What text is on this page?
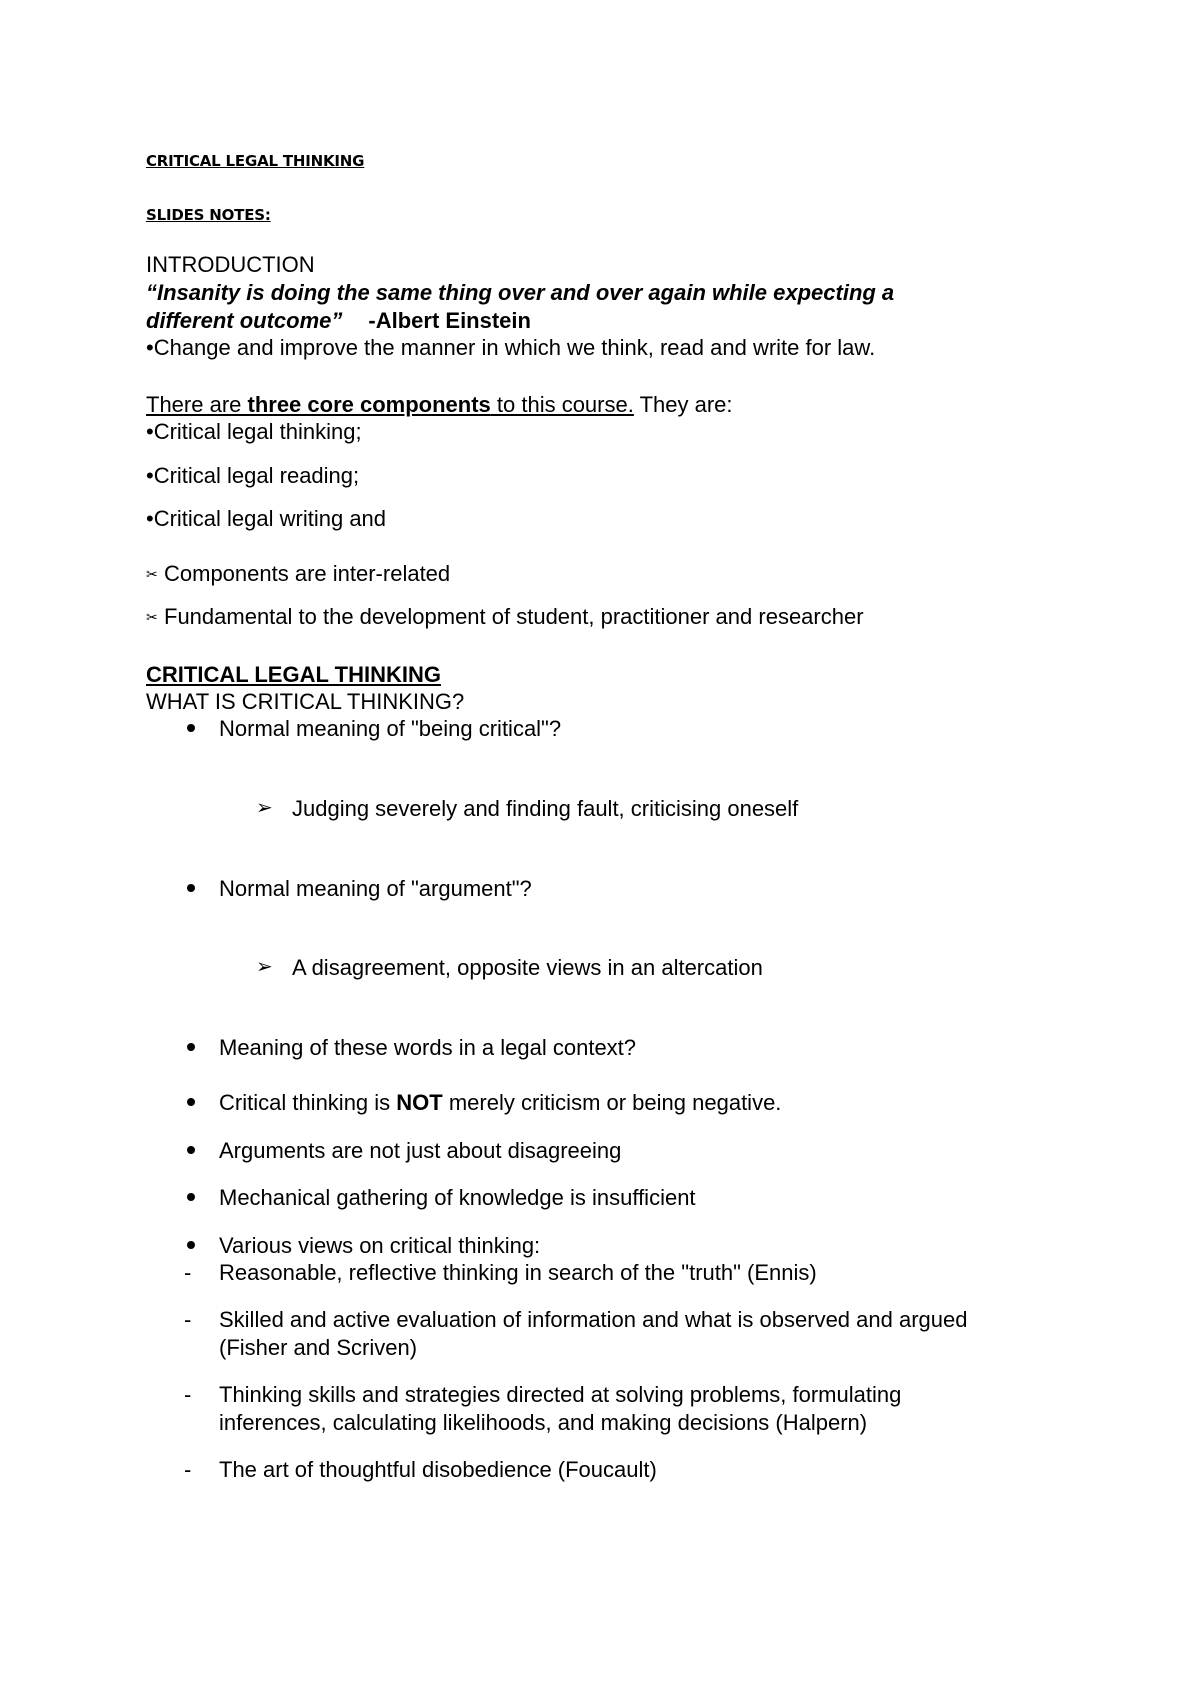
CRITICAL LEGAL THINKING
SLIDES NOTES:
INTRODUCTION
“Insanity is doing the same thing over and over again while expecting a
different outcome” -Albert Einstein
•Change and improve the manner in which we think, read and write for law.
There are three core components to this course. They are:
•Critical legal thinking;
•Critical legal reading;
•Critical legal writing and
✂ Components are inter-related
✂ Fundamental to the development of student, practitioner and researcher
CRITICAL LEGAL THINKING
WHAT IS CRITICAL THINKING?
Normal meaning of "being critical"?
➢ Judging severely and finding fault, criticising oneself
Normal meaning of "argument"?
➢ A disagreement, opposite views in an altercation
Meaning of these words in a legal context?
Critical thinking is NOT merely criticism or being negative.
Arguments are not just about disagreeing
Mechanical gathering of knowledge is insufficient
Various views on critical thinking:
- Reasonable, reflective thinking in search of the "truth" (Ennis)
- Skilled and active evaluation of information and what is observed and argued
(Fisher and Scriven)
- Thinking skills and strategies directed at solving problems, formulating
inferences, calculating likelihoods, and making decisions (Halpern)
- The art of thoughtful disobedience (Foucault)
